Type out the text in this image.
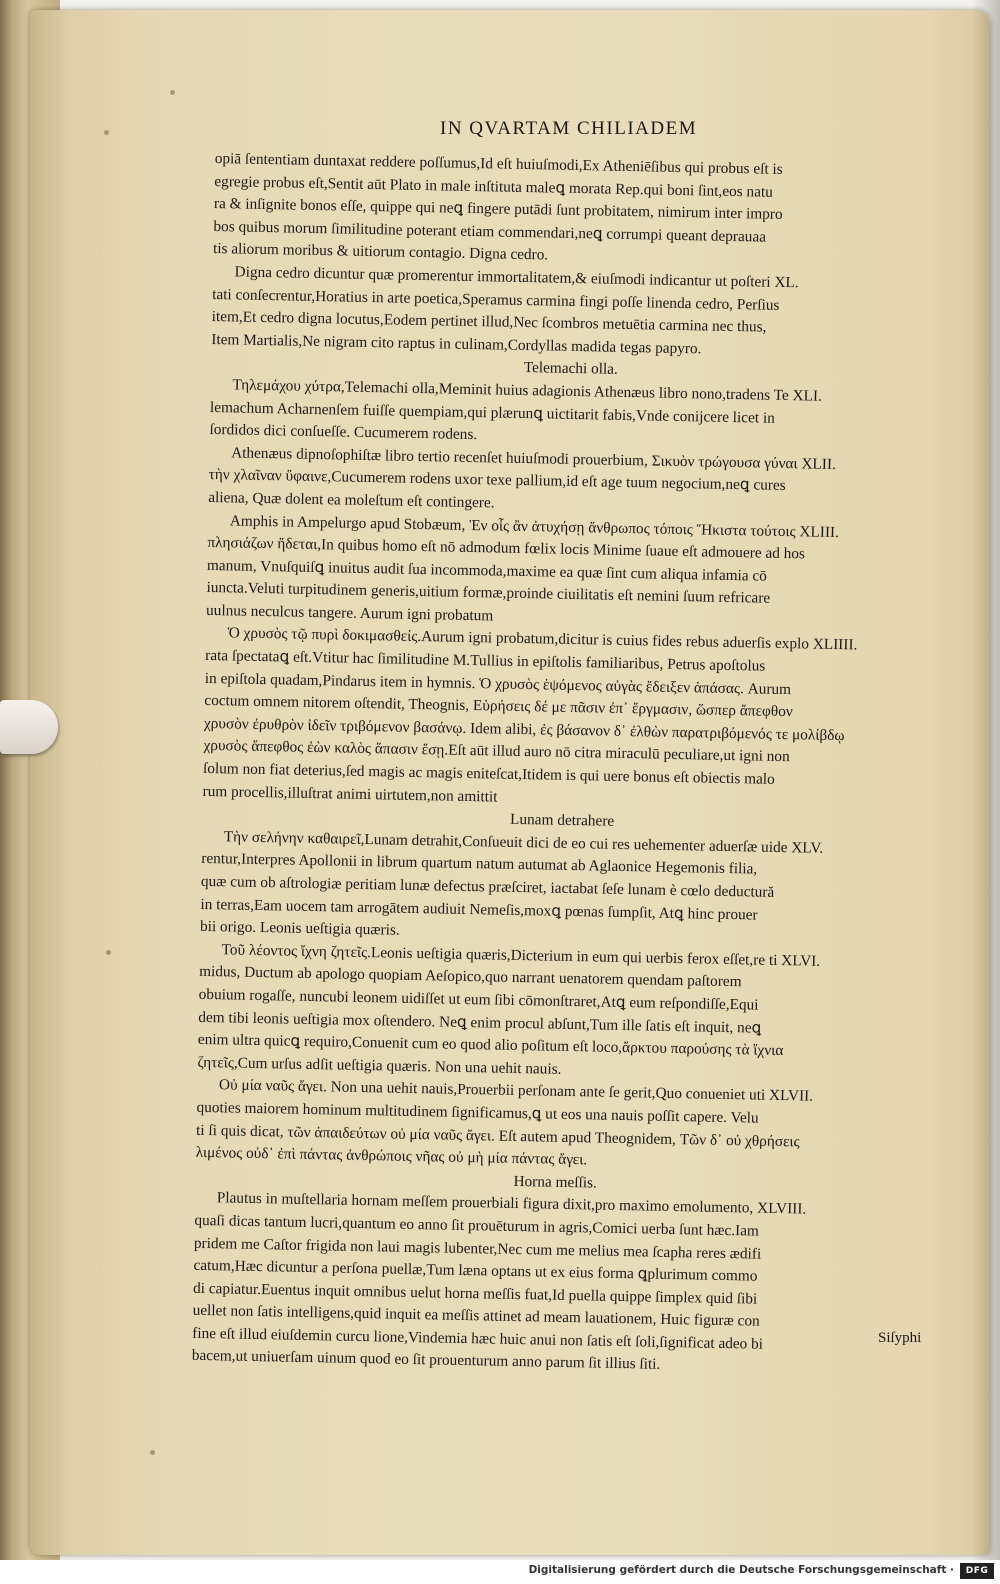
IN QVARTAM CHILIADEM
opiā ſententiam duntaxat reddere poſſumus,Id eſt huiuſmodi,Ex Atheniēſibus qui probus eſt is
egregie probus eſt,Sentit aūt Plato in male inſtituta maleꝗ morata Rep.qui boni ſint,eos natu
ra & inſignite bonos eſſe, quippe qui neꝗ fingere putādi ſunt probitatem, nimirum inter impro
bos quibus morum ſimilitudine poterant etiam commendari,neꝗ corrumpi queant deprauaa
tis aliorum moribus & uitiorum contagio. Digna cedro.
Digna cedro dicuntur quæ promerentur immortalitatem,& eiuſmodi indicantur ut poſteri XL.
tati conſecrentur,Horatius in arte poetica,Speramus carmina fingi poſſe linenda cedro, Perſius
item,Et cedro digna locutus,Eodem pertinet illud,Nec ſcombros metuētia carmina nec thus,
Item Martialis,Ne nigram cito raptus in culinam,Cordyllas madida tegas papyro.
Telemachi olla.
Τηλεμάχου χύτρα,Telemachi olla,Meminit huius adagionis Athenæus libro nono,tradens Te XLI.
lemachum Acharnenſem fuiſſe quempiam,qui plærunꝗ uictitarit fabis,Vnde conijcere licet in
ſordidos dici conſueſſe. Cucumerem rodens.
Athenæus dipnoſophiſtæ libro tertio recenſet huiuſmodi prouerbium, Σικυὸν τρώγουσα γύναι XLII.
τὴν χλαῖναν ὕφαινε,Cucumerem rodens uxor texe pallium,id eſt age tuum negocium,neꝗ cures
aliena, Quæ dolent ea moleſtum eſt contingere.
Amphis in Ampelurgo apud Stobæum, Ἐν οἷς ἂν ἀτυχήσῃ ἄνθρωπος τόποις Ἥκιστα τούτοις XLIII.
πλησιάζων ἥδεται,In quibus homo eſt nō admodum fœlix locis Minime ſuaue eſt admouere ad hos
manum, Vnuſquiſꝗ inuitus audit ſua incommoda,maxime ea quæ ſint cum aliqua infamia cō
iuncta.Veluti turpitudinem generis,uitium formæ,proinde ciuilitatis eſt nemini ſuum refricare
uulnus neculcus tangere. Aurum igni probatum
Ὁ χρυσὸς τῷ πυρὶ δοκιμασθείς.Aurum igni probatum,dicitur is cuius fides rebus aduerſis explo XLIIII.
rata ſpectataꝗ eſt.Vtitur hac ſimilitudine M.Tullius in epiſtolis familiaribus, Petrus apoſtolus
in epiſtola quadam,Pindarus item in hymnis. Ὁ χρυσὸς ἑψόμενος αὐγὰς ἔδειξεν ἁπάσας. Aurum
coctum omnem nitorem oſtendit, Theognis, Εὑρήσεις δέ με πᾶσιν ἐπ᾽ ἔργμασιν, ὥσπερ ἄπεφθον
χρυσὸν ἐρυθρὸν ἰδεῖν τριβόμενον βασάνῳ. Idem alibi, ἐς βάσανον δ᾽ ἐλθὼν παρατριβόμενός τε μολίβδῳ
χρυσὸς ἄπεφθος ἐὼν καλὸς ἅπασιν ἔσῃ.Eſt aūt illud auro nō citra miraculū peculiare,ut igni non
ſolum non fiat deterius,ſed magis ac magis eniteſcat,Itidem is qui uere bonus eſt obiectis malo
rum procellis,illuſtrat animi uirtutem,non amittit
Lunam detrahere
Τὴν σελήνην καθαιρεῖ,Lunam detrahit,Conſueuit dici de eo cui res uehementer aduerſæ uide XLV.
rentur,Interpres Apollonii in librum quartum natum autumat ab Aglaonice Hegemonis filia,
quæ cum ob aſtrologiæ peritiam lunæ defectus præſciret, iactabat ſeſe lunam è cœlo deductură
in terras,Eam uocem tam arrogātem audiuit Nemeſis,moxꝗ pœnas ſumpſit, Atꝗ hinc prouer
bii origo. Leonis ueſtigia quæris.
Τοῦ λέοντος ἴχνη ζητεῖς.Leonis ueſtigia quæris,Dicterium in eum qui uerbis ferox eſſet,re ti XLVI.
midus, Ductum ab apologo quopiam Aeſopico,quo narrant uenatorem quendam paſtorem
obuium rogaſſe, nuncubi leonem uidiſſet ut eum ſibi cōmonſtraret,Atꝗ eum reſpondiſſe,Equi
dem tibi leonis ueſtigia mox oſtendero. Neꝗ enim procul abſunt,Tum ille ſatis eſt inquit, neꝗ
enim ultra quicꝗ requiro,Conuenit cum eo quod alio poſitum eſt loco,ἄρκτου παρούσης τὰ ἴχνια
ζητεῖς,Cum urſus adſit ueſtigia quæris. Non una uehit nauis.
Οὐ μία ναῦς ἄγει. Non una uehit nauis,Prouerbii perſonam ante ſe gerit,Quo conueniet uti XLVII.
quoties maiorem hominum multitudinem ſignificamus,ꝗ ut eos una nauis poſſit capere. Velu
ti ſi quis dicat, τῶν ἀπαιδεύτων οὐ μία ναῦς ἄγει. Eſt autem apud Theognidem, Τῶν δ᾽ οὐ χθρήσεις
λιμένος οὐδ᾽ ἐπὶ πάντας ἀνθρώποις νῆας οὐ μὴ μία πάντας ἄγει.
Horna meſſis.
Plautus in muſtellaria hornam meſſem prouerbiali figura dixit,pro maximo emolumento, XLVIII.
quaſi dicas tantum lucri,quantum eo anno ſit prouēturum in agris,Comici uerba ſunt hæc.Iam
pridem me Caſtor frigida non laui magis lubenter,Nec cum me melius mea ſcapha reres ædifi
catum,Hæc dicuntur a perſona puellæ,Tum læna optans ut ex eius forma ꝗplurimum commo
di capiatur.Euentus inquit omnibus uelut horna meſſis fuat,Id puella quippe ſimplex quid ſibi
uellet non ſatis intelligens,quid inquit ea meſſis attinet ad meam lauationem, Huic figuræ con
fine eſt illud eiuſdemin curcu lione,Vindemia hæc huic anui non ſatis eſt ſoli,ſignificat adeo bi
bacem,ut uniuerſam uinum quod eo ſit prouenturum anno parum ſit illius ſiti.
Siſyphi
Digitalisierung gefördert durch die Deutsche Forschungsgemeinschaft ·	DFG
